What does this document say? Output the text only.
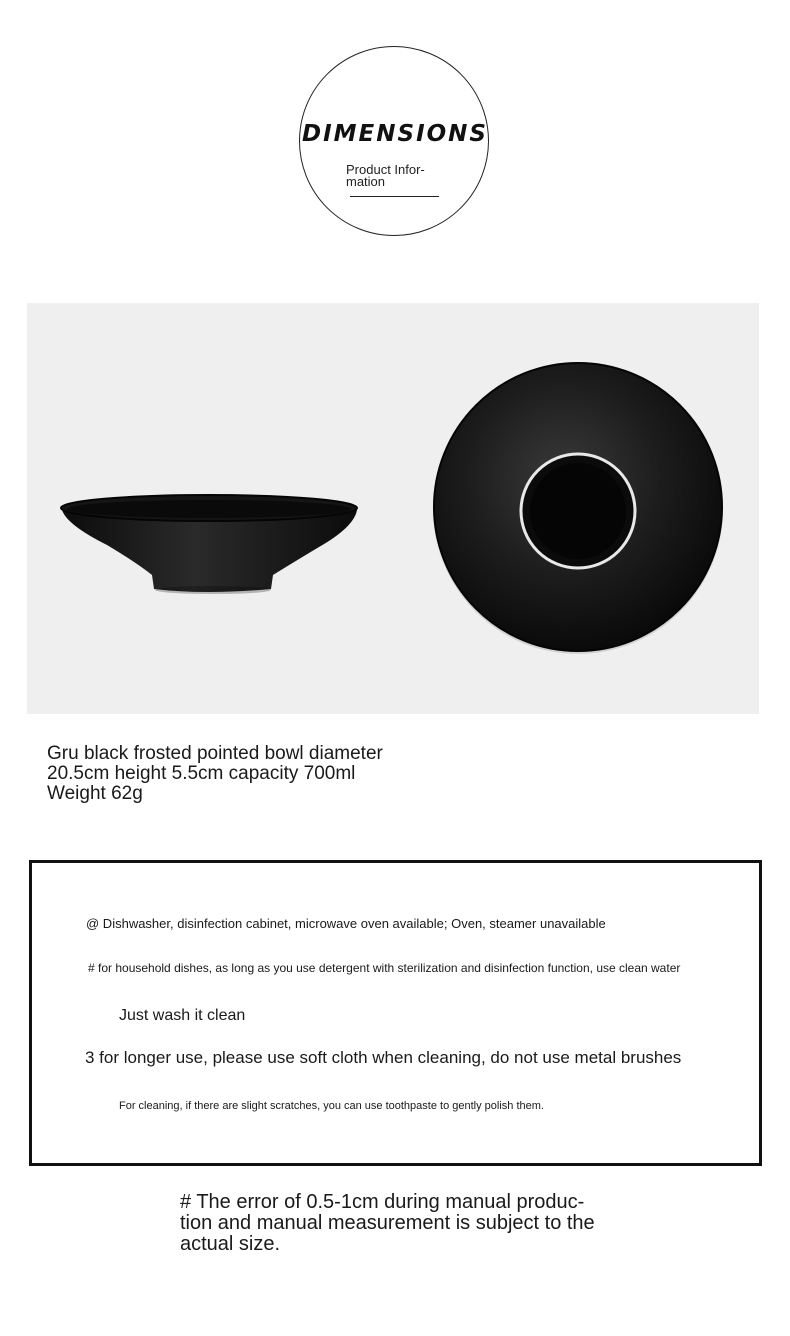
DIMENSIONS
Product Infor-
mation
Gru black frosted pointed bowl diameter
20.5cm height 5.5cm capacity 700ml
Weight 62g
@ Dishwasher, disinfection cabinet, microwave oven available; Oven, steamer unavailable
# for household dishes, as long as you use detergent with sterilization and disinfection function, use clean water
Just wash it clean
3 for longer use, please use soft cloth when cleaning, do not use metal brushes
For cleaning, if there are slight scratches, you can use toothpaste to gently polish them.
# The error of 0.5-1cm during manual produc-
tion and manual measurement is subject to the
actual size.
